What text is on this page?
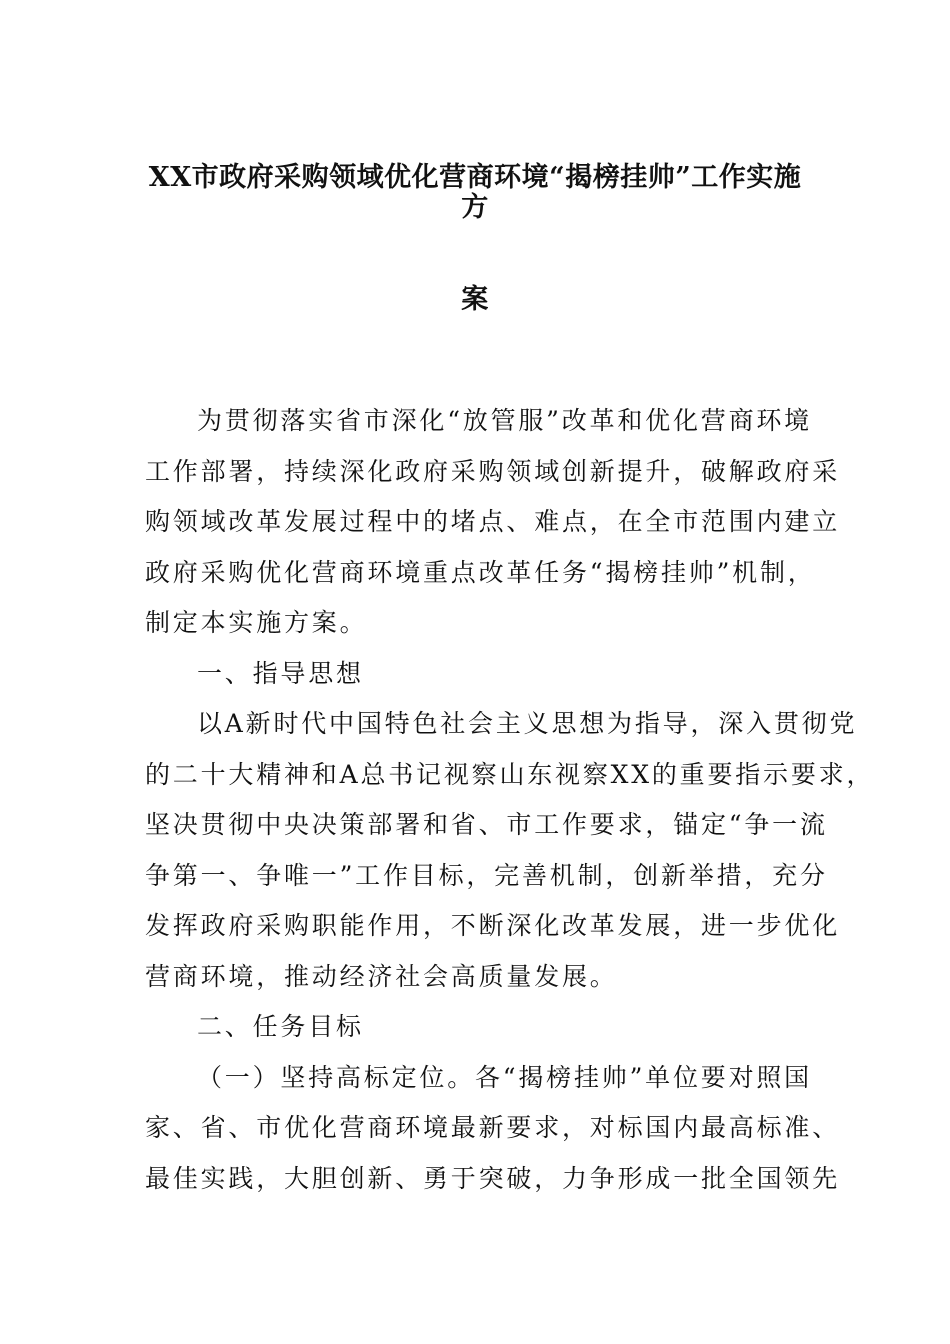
XX市政府采购领域优化营商环境“揭榜挂帅”工作实施方
案
为贯彻落实省市深化“放管服”改革和优化营商环境
工作部署，持续深化政府采购领域创新提升，破解政府采
购领域改革发展过程中的堵点、难点，在全市范围内建立
政府采购优化营商环境重点改革任务“揭榜挂帅”机制，
制定本实施方案。
一、指导思想
以A新时代中国特色社会主义思想为指导，深入贯彻党
的二十大精神和A总书记视察山东视察XX的重要指示要求，
坚决贯彻中央决策部署和省、市工作要求，锚定“争一流
争第一、争唯一”工作目标，完善机制，创新举措，充分
发挥政府采购职能作用，不断深化改革发展，进一步优化
营商环境，推动经济社会高质量发展。
二、任务目标
（一）坚持高标定位。各“揭榜挂帅”单位要对照国
家、省、市优化营商环境最新要求，对标国内最高标准、
最佳实践，大胆创新、勇于突破，力争形成一批全国领先
